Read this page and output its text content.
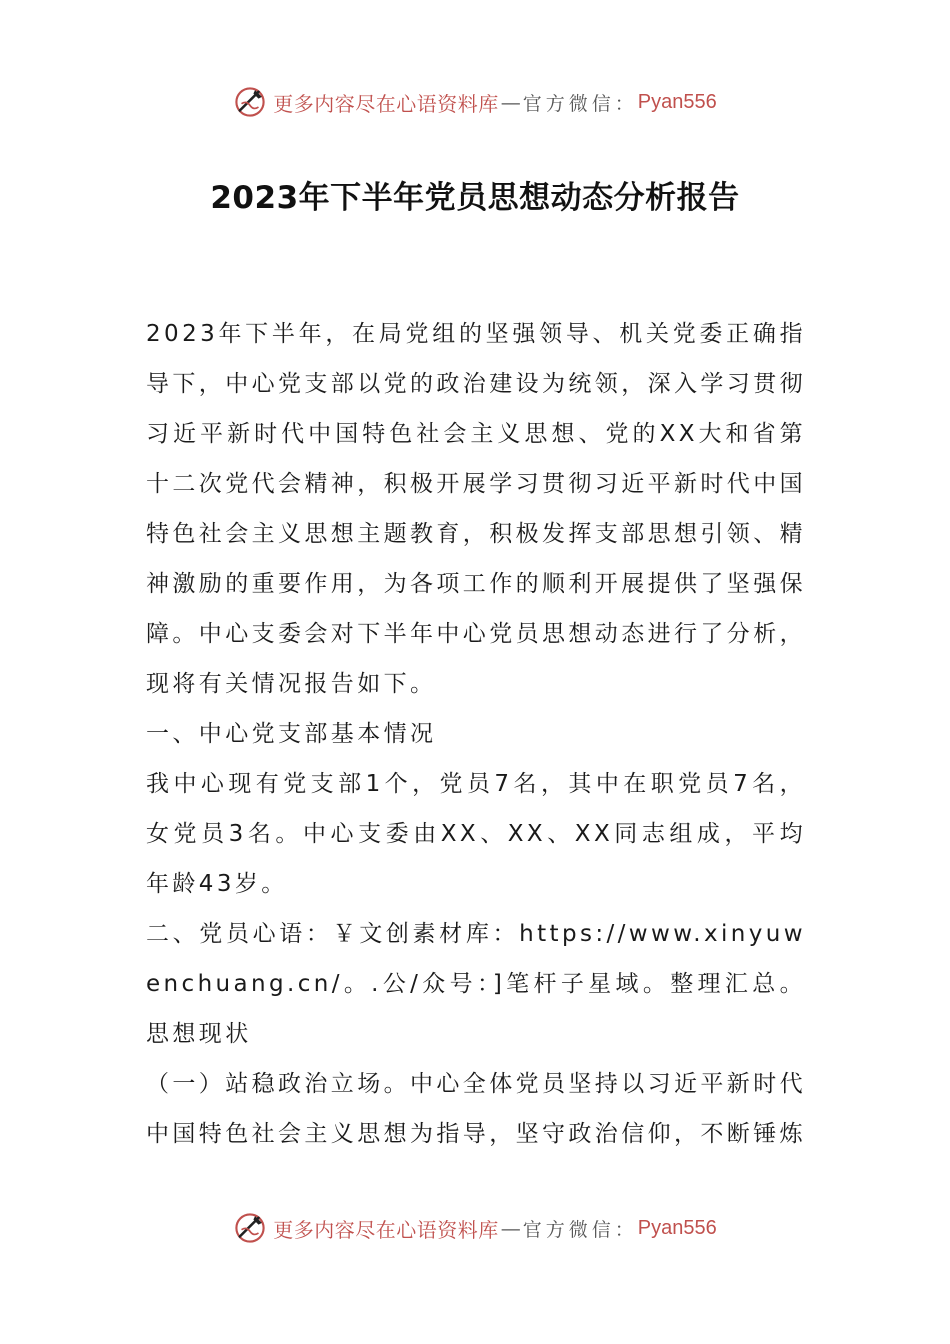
更多内容尽在心语资料库 — 官方微信： Pyan556
2023年下半年党员思想动态分析报告

2023年下半年，在局党组的坚强领导、机关党委正确指导下，中心党支部以党的政治建设为统领，深入学习贯彻习近平新时代中国特色社会主义思想、党的XX大和省第十二次党代会精神，积极开展学习贯彻习近平新时代中国特色社会主义思想主题教育，积极发挥支部思想引领、精神激励的重要作用，为各项工作的顺利开展提供了坚强保障。中心支委会对下半年中心党员思想动态进行了分析，现将有关情况报告如下。

一、中心党支部基本情况

我中心现有党支部1个，党员7名，其中在职党员7名，女党员3名。中心支委由XX、XX、XX同志组成，平均年龄43岁。

二、党员心语：￥文创素材库：https://www.xinyuwenchuang.cn/。.公/众号：]笔杆子星域。整理汇总。思想现状

（一）站稳政治立场。中心全体党员坚持以习近平新时代中国特色社会主义思想为指导，坚守政治信仰，不断锤炼

更多内容尽在心语资料库 — 官方微信： Pyan556
